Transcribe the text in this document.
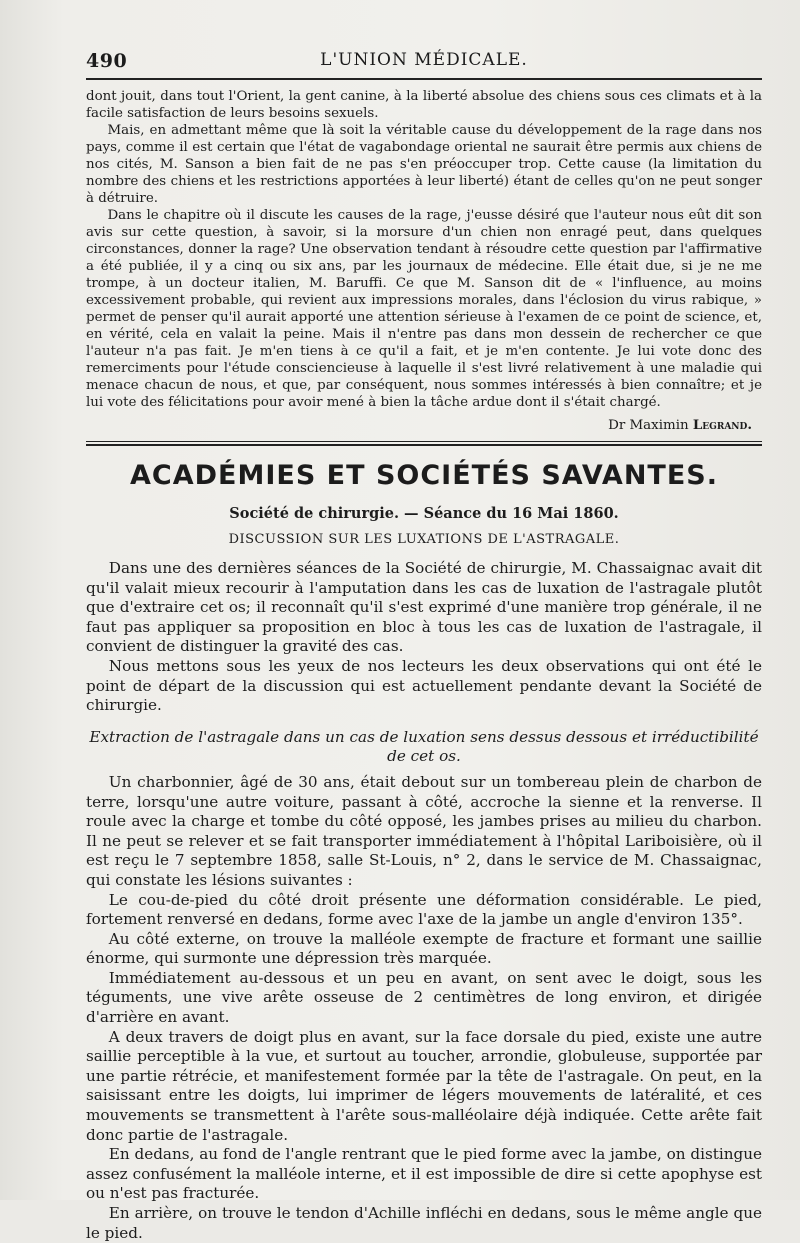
490	L'UNION MÉDICALE.

dont jouit, dans tout l'Orient, la gent canine, à la liberté absolue des chiens sous ces climats et à la facile satisfaction de leurs besoins sexuels.

Mais, en admettant même que là soit la véritable cause du développement de la rage dans nos pays, comme il est certain que l'état de vagabondage oriental ne saurait être permis aux chiens de nos cités, M. Sanson a bien fait de ne pas s'en préoccuper trop. Cette cause (la limitation du nombre des chiens et les restrictions apportées à leur liberté) étant de celles qu'on ne peut songer à détruire.

Dans le chapitre où il discute les causes de la rage, j'eusse désiré que l'auteur nous eût dit son avis sur cette question, à savoir, si la morsure d'un chien non enragé peut, dans quelques circonstances, donner la rage? Une observation tendant à résoudre cette question par l'affirmative a été publiée, il y a cinq ou six ans, par les journaux de médecine. Elle était due, si je ne me trompe, à un docteur italien, M. Baruffi. Ce que M. Sanson dit de « l'influence, au moins excessivement probable, qui revient aux impressions morales, dans l'éclosion du virus rabique, » permet de penser qu'il aurait apporté une attention sérieuse à l'examen de ce point de science, et, en vérité, cela en valait la peine. Mais il n'entre pas dans mon dessein de rechercher ce que l'auteur n'a pas fait. Je m'en tiens à ce qu'il a fait, et je m'en contente. Je lui vote donc des remerciments pour l'étude consciencieuse à laquelle il s'est livré relativement à une maladie qui menace chacun de nous, et que, par conséquent, nous sommes intéressés à bien connaître; et je lui vote des félicitations pour avoir mené à bien la tâche ardue dont il s'était chargé.

Dr Maximin Legrand.
ACADÉMIES ET SOCIÉTÉS SAVANTES.
Société de chirurgie. — Séance du 16 Mai 1860.
DISCUSSION SUR LES LUXATIONS DE L'ASTRAGALE.

Dans une des dernières séances de la Société de chirurgie, M. Chassaignac avait dit qu'il valait mieux recourir à l'amputation dans les cas de luxation de l'astragale plutôt que d'extraire cet os; il reconnaît qu'il s'est exprimé d'une manière trop générale, il ne faut pas appliquer sa proposition en bloc à tous les cas de luxation de l'astragale, il convient de distinguer la gravité des cas.

Nous mettons sous les yeux de nos lecteurs les deux observations qui ont été le point de départ de la discussion qui est actuellement pendante devant la Société de chirurgie.

Extraction de l'astragale dans un cas de luxation sens dessus dessous et irréductibilité de cet os.

Un charbonnier, âgé de 30 ans, était debout sur un tombereau plein de charbon de terre, lorsqu'une autre voiture, passant à côté, accroche la sienne et la renverse. Il roule avec la charge et tombe du côté opposé, les jambes prises au milieu du charbon. Il ne peut se relever et se fait transporter immédiatement à l'hôpital Lariboisière, où il est reçu le 7 septembre 1858, salle St-Louis, n° 2, dans le service de M. Chassaignac, qui constate les lésions suivantes :

Le cou-de-pied du côté droit présente une déformation considérable. Le pied, fortement renversé en dedans, forme avec l'axe de la jambe un angle d'environ 135°.

Au côté externe, on trouve la malléole exempte de fracture et formant une saillie énorme, qui surmonte une dépression très marquée.

Immédiatement au-dessous et un peu en avant, on sent avec le doigt, sous les téguments, une vive arête osseuse de 2 centimètres de long environ, et dirigée d'arrière en avant.

A deux travers de doigt plus en avant, sur la face dorsale du pied, existe une autre saillie perceptible à la vue, et surtout au toucher, arrondie, globuleuse, supportée par une partie rétrécie, et manifestement formée par la tête de l'astragale. On peut, en la saisissant entre les doigts, lui imprimer de légers mouvements de latéralité, et ces mouvements se transmettent à l'arête sous-malléolaire déjà indiquée. Cette arête fait donc partie de l'astragale.

En dedans, au fond de l'angle rentrant que le pied forme avec la jambe, on distingue assez confusément la malléole interne, et il est impossible de dire si cette apophyse est ou n'est pas fracturée.

En arrière, on trouve le tendon d'Achille infléchi en dedans, sous le même angle que le pied.
